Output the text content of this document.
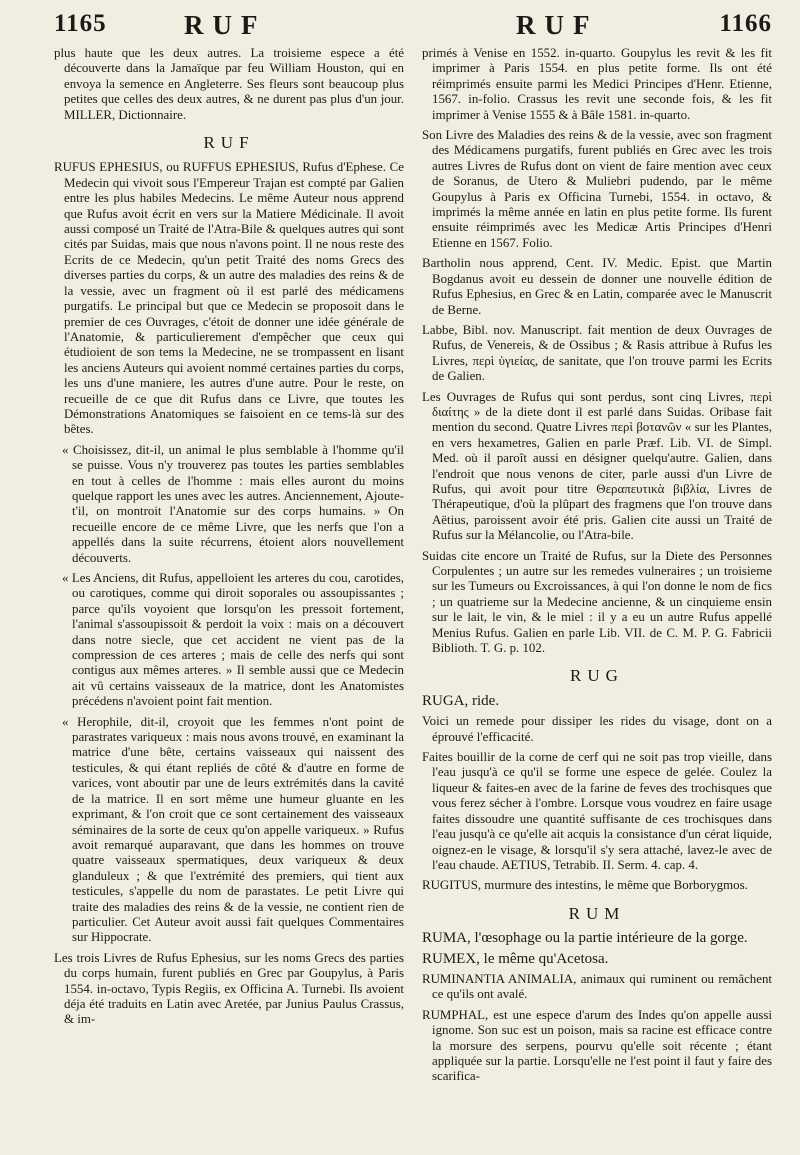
1165	RUF	RUF	1166

plus haute que les deux autres. La troisieme espece a été découverte dans la Jamaïque par feu William Houston, qui en envoya la semence en Angleterre. Ses fleurs sont beaucoup plus petites que celles des deux autres, & ne durent pas plus d'un jour. MILLER, Dictionnaire.

RUF

RUFUS EPHESIUS, ou RUFFUS EPHESIUS, Rufus d'Ephese. Ce Medecin qui vivoit sous l'Empereur Trajan est compté par Galien entre les plus habiles Medecins. Le même Auteur nous apprend que Rufus avoit écrit en vers sur la Matiere Médicinale. Il avoit aussi composé un Traité de l'Atra-Bile & quelques autres qui sont cités par Suidas, mais que nous n'avons point. Il ne nous reste des Ecrits de ce Medecin, qu'un petit Traité des noms Grecs des diverses parties du corps, & un autre des maladies des reins & de la vessie, avec un fragment où il est parlé des médicamens purgatifs. Le principal but que ce Medecin se proposoit dans le premier de ces Ouvrages, c'étoit de donner une idée générale de l'Anatomie, & particulierement d'empêcher que ceux qui étudioient de son tems la Medecine, ne se trompassent en lisant les anciens Auteurs qui avoient nommé certaines parties du corps, les uns d'une maniere, les autres d'une autre. Pour le reste, on recueille de ce que dit Rufus dans ce Livre, que toutes les Démonstrations Anatomiques se faisoient en ce tems-là sur des bêtes.

« Choisissez, dit-il, un animal le plus semblable à l'homme qu'il se puisse. Vous n'y trouverez pas toutes les parties semblables en tout à celles de l'homme : mais elles auront du moins quelque rapport les unes avec les autres. Anciennement, Ajoute-t'il, on montroit l'Anatomie sur des corps humains. » On recueille encore de ce même Livre, que les nerfs que l'on a appellés dans la suite récurrens, étoient alors nouvellement découverts.

« Les Anciens, dit Rufus, appelloient les arteres du cou, carotides, ou carotiques, comme qui diroit soporales ou assoupissantes ; parce qu'ils voyoient que lorsqu'on les pressoit fortement, l'animal s'assoupissoit & perdoit la voix : mais on a découvert dans notre siecle, que cet accident ne vient pas de la compression de ces arteres ; mais de celle des nerfs qui sont contigus aux mêmes arteres. » Il semble aussi que ce Medecin ait vû certains vaisseaux de la matrice, dont les Anatomistes précédens n'avoient point fait mention.

« Herophile, dit-il, croyoit que les femmes n'ont point de parastrates variqueux : mais nous avons trouvé, en examinant la matrice d'une bête, certains vaisseaux qui naissent des testicules, & qui étant repliés de côté & d'autre en forme de varices, vont aboutir par une de leurs extrémités dans la cavité de la matrice. Il en sort même une humeur gluante en les exprimant, & l'on croit que ce sont certainement des vaisseaux séminaires de la sorte de ceux qu'on appelle variqueux. » Rufus avoit remarqué auparavant, que dans les hommes on trouve quatre vaisseaux spermatiques, deux variqueux & deux glanduleux ; & que l'extrémité des premiers, qui tient aux testicules, s'appelle du nom de parastates. Le petit Livre qui traite des maladies des reins & de la vessie, ne contient rien de particulier. Cet Auteur avoit aussi fait quelques Commentaires sur Hippocrate.

Les trois Livres de Rufus Ephesius, sur les noms Grecs des parties du corps humain, furent publiés en Grec par Goupylus, à Paris 1554. in-octavo, Typis Regiis, ex Officina A. Turnebi. Ils avoient déja été traduits en Latin avec Aretée, par Junius Paulus Crassus, & im-

primés à Venise en 1552. in-quarto. Goupylus les revit & les fit imprimer à Paris 1554. en plus petite forme. Ils ont été réimprimés ensuite parmi les Medici Principes d'Henr. Etienne, 1567. in-folio. Crassus les revit une seconde fois, & les fit imprimer à Venise 1555 & à Bâle 1581. in-quarto.

Son Livre des Maladies des reins & de la vessie, avec son fragment des Médicamens purgatifs, furent publiés en Grec avec les trois autres Livres de Rufus dont on vient de faire mention avec ceux de Soranus, de Utero & Muliebri pudendo, par le même Goupylus à Paris ex Officina Turnebi, 1554. in octavo, & imprimés la même année en latin en plus petite forme. Ils furent ensuite réimprimés avec les Medicæ Artis Principes d'Henri Etienne en 1567. Folio.

Bartholin nous apprend, Cent. IV. Medic. Epist. que Martin Bogdanus avoit eu dessein de donner une nouvelle édition de Rufus Ephesius, en Grec & en Latin, comparée avec le Manuscrit de Berne.

Labbe, Bibl. nov. Manuscript. fait mention de deux Ouvrages de Rufus, de Venereis, & de Ossibus ; & Rasis attribue à Rufus les Livres, περὶ ὑγιείας, de sanitate, que l'on trouve parmi les Ecrits de Galien.

Les Ouvrages de Rufus qui sont perdus, sont cinq Livres, περὶ διαίτης » de la diete dont il est parlé dans Suidas. Oribase fait mention du second. Quatre Livres περὶ βοτανῶν « sur les Plantes, en vers hexametres, Galien en parle Præf. Lib. VI. de Simpl. Med. où il paroît aussi en désigner quelqu'autre. Galien, dans l'endroit que nous venons de citer, parle aussi d'un Livre de Rufus, qui avoit pour titre Θεραπευτικὰ βιβλία, Livres de Thérapeutique, d'où la plûpart des fragmens que l'on trouve dans Aëtius, paroissent avoir été pris. Galien cite aussi un Traité de Rufus sur la Mélancolie, ou l'Atra-bile.

Suidas cite encore un Traité de Rufus, sur la Diete des Personnes Corpulentes ; un autre sur les remedes vulneraires ; un troisieme sur les Tumeurs ou Excroissances, à qui l'on donne le nom de fics ; un quatrieme sur la Medecine ancienne, & un cinquieme ensin sur le lait, le vin, & le miel : il y a eu un autre Rufus appellé Menius Rufus. Galien en parle Lib. VII. de C. M. P. G. Fabricii Biblioth. T. G. p. 102.

RUG

RUGA, ride.

Voici un remede pour dissiper les rides du visage, dont on a éprouvé l'efficacité.

Faites bouillir de la corne de cerf qui ne soit pas trop vieille, dans l'eau jusqu'à ce qu'il se forme une espece de gelée. Coulez la liqueur & faites-en avec de la farine de feves des trochisques que vous ferez sécher à l'ombre. Lorsque vous voudrez en faire usage faites dissoudre une quantité suffisante de ces trochisques dans l'eau jusqu'à ce qu'elle ait acquis la consistance d'un cérat liquide, oignez-en le visage, & lorsqu'il s'y sera attaché, lavez-le avec de l'eau chaude. AETIUS, Tetrabib. II. Serm. 4. cap. 4.

RUGITUS, murmure des intestins, le même que Borborygmos.

RUM

RUMA, l'œsophage ou la partie intérieure de la gorge.

RUMEX, le même qu'Acetosa.

RUMINANTIA ANIMALIA, animaux qui ruminent ou remâchent ce qu'ils ont avalé.

RUMPHAL, est une espece d'arum des Indes qu'on appelle aussi ignome. Son suc est un poison, mais sa racine est efficace contre la morsure des serpens, pourvu qu'elle soit récente ; étant appliquée sur la partie. Lorsqu'elle ne l'est point il faut y faire des scarifica-
